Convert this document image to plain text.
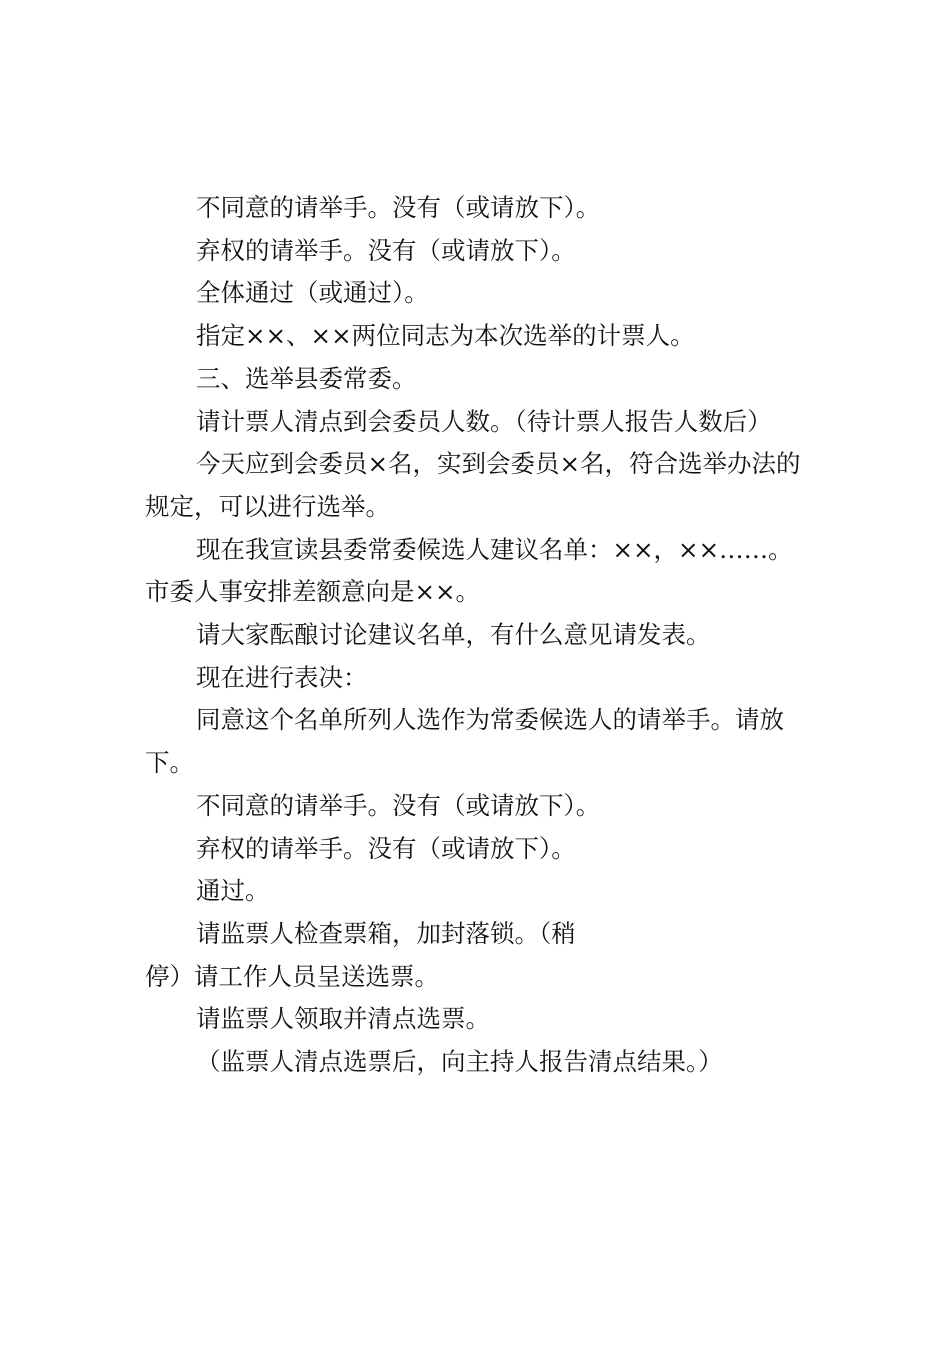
不同意的请举手。没有（或请放下）。

弃权的请举手。没有（或请放下）。

全体通过（或通过）。

指定××、××两位同志为本次选举的计票人。

三、选举县委常委。

请计票人清点到会委员人数。（待计票人报告人数后）

今天应到会委员×名，实到会委员×名，符合选举办法的规定，可以进行选举。

现在我宣读县委常委候选人建议名单：××，××……。市委人事安排差额意向是××。

请大家酝酿讨论建议名单，有什么意见请发表。

现在进行表决：

同意这个名单所列人选作为常委候选人的请举手。请放下。

不同意的请举手。没有（或请放下）。

弃权的请举手。没有（或请放下）。

通过。

请监票人检查票箱，加封落锁。（稍停）请工作人员呈送选票。

请监票人领取并清点选票。

（监票人清点选票后，向主持人报告清点结果。）
